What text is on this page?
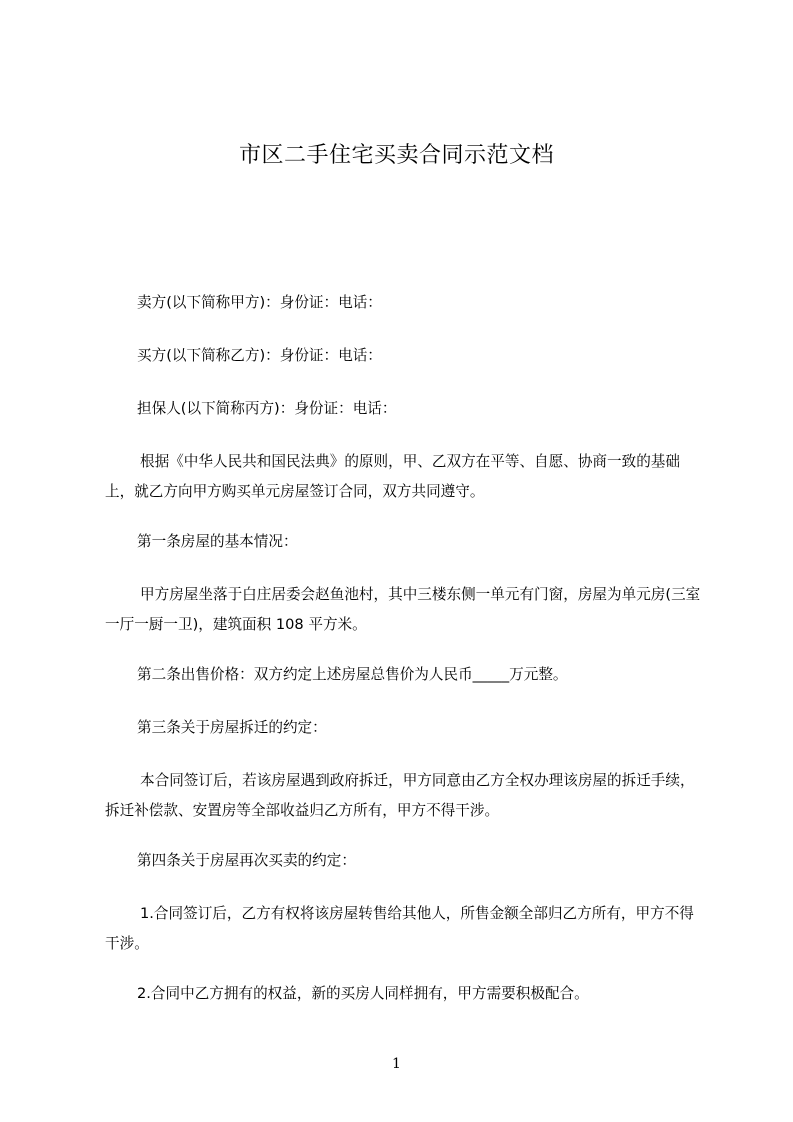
市区二手住宅买卖合同示范文档

卖方(以下简称甲方)：身份证：电话：

买方(以下简称乙方)：身份证：电话：

担保人(以下简称丙方)：身份证：电话：

根据《中华人民共和国民法典》的原则，甲、乙双方在平等、自愿、协商一致的基础上，就乙方向甲方购买单元房屋签订合同，双方共同遵守。

第一条房屋的基本情况：

甲方房屋坐落于白庄居委会赵鱼池村，其中三楼东侧一单元有门窗，房屋为单元房(三室一厅一厨一卫)，建筑面积 108 平方米。

第二条出售价格：双方约定上述房屋总售价为人民币_____万元整。

第三条关于房屋拆迁的约定：

本合同签订后，若该房屋遇到政府拆迁，甲方同意由乙方全权办理该房屋的拆迁手续，拆迁补偿款、安置房等全部收益归乙方所有，甲方不得干涉。

第四条关于房屋再次买卖的约定：

1.合同签订后，乙方有权将该房屋转售给其他人，所售金额全部归乙方所有，甲方不得干涉。

2.合同中乙方拥有的权益，新的买房人同样拥有，甲方需要积极配合。

1
